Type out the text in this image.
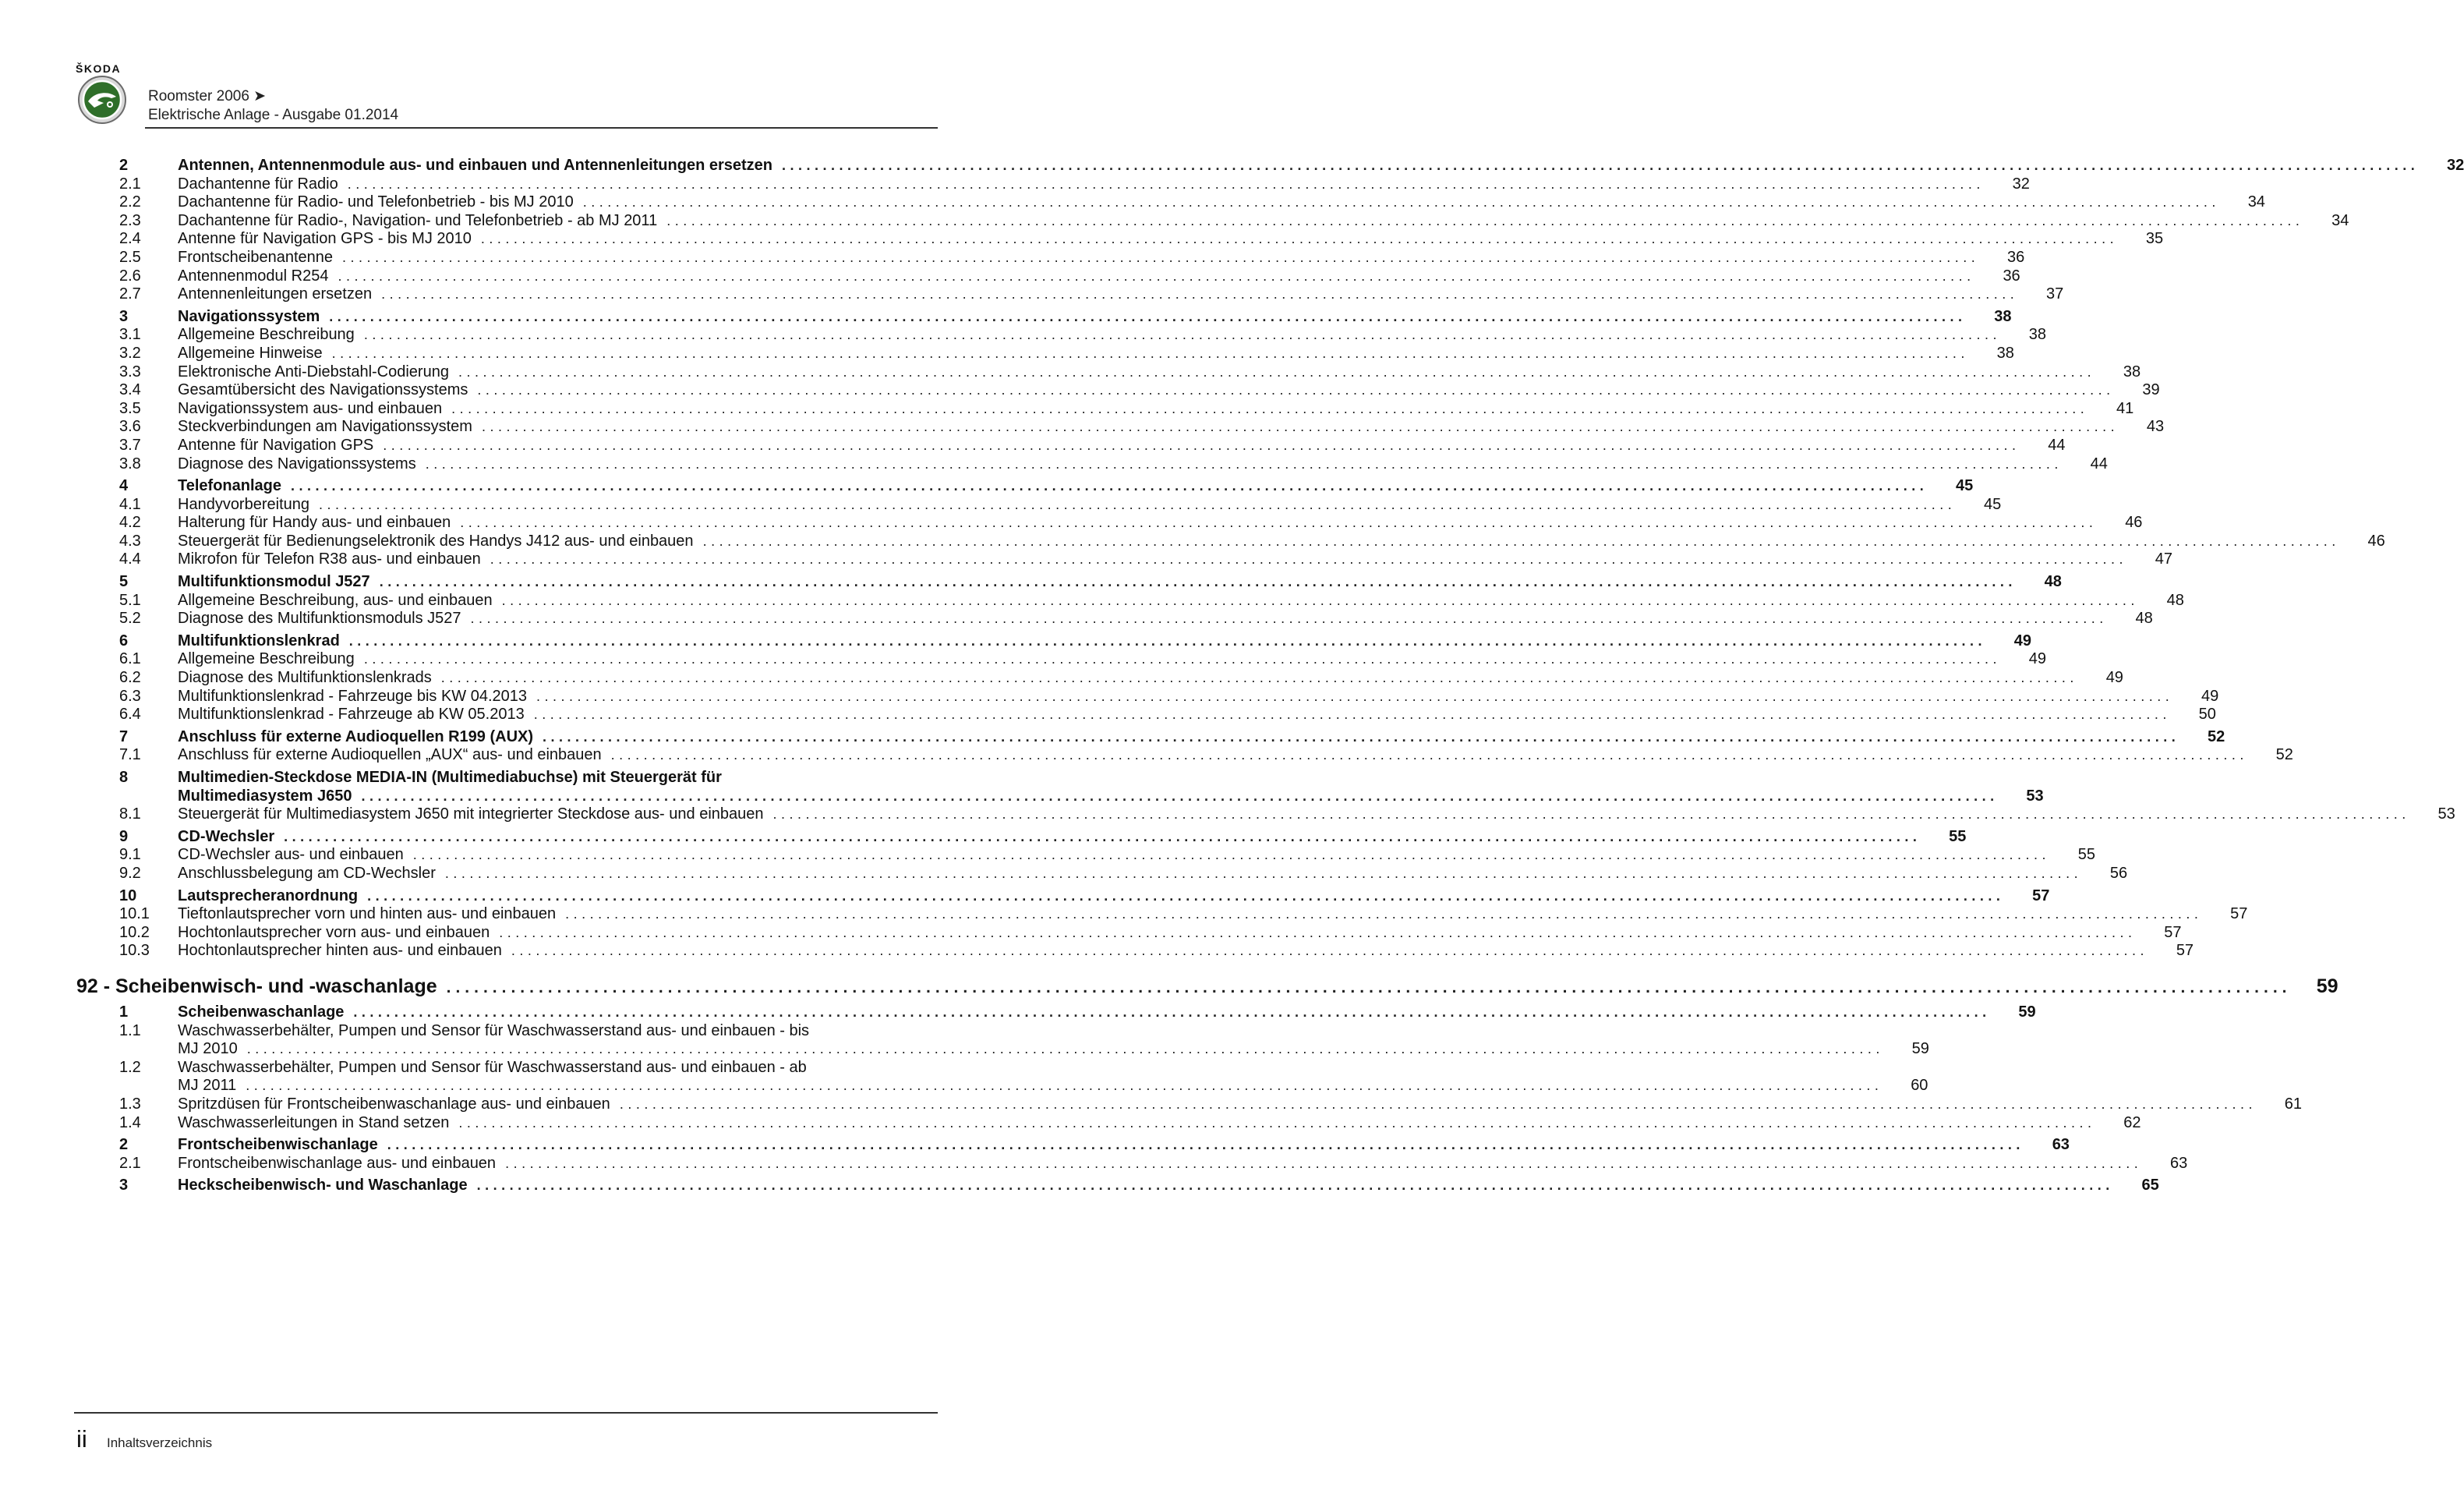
ŠKODA
Roomster 2006 ➤
Elektrische Anlage - Ausgabe 01.2014
2	Antennen, Antennenmodule aus- und einbauen und Antennenleitungen ersetzen ........................................................................................................................................................................................................	32
2.1 Dachantenne für Radio ........................................................................................................................................................................................................	32
2.2 Dachantenne für Radio- und Telefonbetrieb - bis MJ 2010 ........................................................................................................................................................................................................	34
2.3 Dachantenne für Radio-, Navigation- und Telefonbetrieb - ab MJ 2011 ........................................................................................................................................................................................................	34
2.4 Antenne für Navigation GPS - bis MJ 2010 ........................................................................................................................................................................................................	35
2.5 Frontscheibenantenne ........................................................................................................................................................................................................	36
2.6 Antennenmodul R254 ........................................................................................................................................................................................................	36
2.7 Antennenleitungen ersetzen ........................................................................................................................................................................................................	37
3	Navigationssystem ........................................................................................................................................................................................................	38
3.1 Allgemeine Beschreibung ........................................................................................................................................................................................................	38
3.2 Allgemeine Hinweise ........................................................................................................................................................................................................	38
3.3 Elektronische Anti-Diebstahl-Codierung ........................................................................................................................................................................................................	38
3.4 Gesamtübersicht des Navigationssystems ........................................................................................................................................................................................................	39
3.5 Navigationssystem aus- und einbauen ........................................................................................................................................................................................................	41
3.6 Steckverbindungen am Navigationssystem ........................................................................................................................................................................................................	43
3.7 Antenne für Navigation GPS ........................................................................................................................................................................................................	44
3.8 Diagnose des Navigationssystems ........................................................................................................................................................................................................	44
4	Telefonanlage ........................................................................................................................................................................................................	45
4.1 Handyvorbereitung ........................................................................................................................................................................................................	45
4.2 Halterung für Handy aus- und einbauen ........................................................................................................................................................................................................	46
4.3 Steuergerät für Bedienungselektronik des Handys J412 aus- und einbauen ........................................................................................................................................................................................................	46
4.4 Mikrofon für Telefon R38 aus- und einbauen ........................................................................................................................................................................................................	47
5	Multifunktionsmodul J527 ........................................................................................................................................................................................................	48
5.1 Allgemeine Beschreibung, aus- und einbauen ........................................................................................................................................................................................................	48
5.2 Diagnose des Multifunktionsmoduls J527 ........................................................................................................................................................................................................	48
6	Multifunktionslenkrad ........................................................................................................................................................................................................	49
6.1 Allgemeine Beschreibung ........................................................................................................................................................................................................	49
6.2 Diagnose des Multifunktionslenkrads ........................................................................................................................................................................................................	49
6.3 Multifunktionslenkrad - Fahrzeuge bis KW 04.2013 ........................................................................................................................................................................................................	49
6.4 Multifunktionslenkrad - Fahrzeuge ab KW 05.2013 ........................................................................................................................................................................................................	50
7	Anschluss für externe Audioquellen R199 (AUX) ........................................................................................................................................................................................................	52
7.1 Anschluss für externe Audioquellen „AUX“ aus- und einbauen ........................................................................................................................................................................................................	52
8	Multimedien-Steckdose MEDIA-IN (Multimediabuchse) mit Steuergerät für
Multimediasystem J650 ........................................................................................................................................................................................................	53
8.1 Steuergerät für Multimediasystem J650 mit integrierter Steckdose aus- und einbauen ........................................................................................................................................................................................................	53
9	CD-Wechsler ........................................................................................................................................................................................................	55
9.1 CD-Wechsler aus- und einbauen ........................................................................................................................................................................................................	55
9.2 Anschlussbelegung am CD-Wechsler ........................................................................................................................................................................................................	56
10	Lautsprecheranordnung ........................................................................................................................................................................................................	57
10.1 Tieftonlautsprecher vorn und hinten aus- und einbauen ........................................................................................................................................................................................................	57
10.2 Hochtonlautsprecher vorn aus- und einbauen ........................................................................................................................................................................................................	57
10.3 Hochtonlautsprecher hinten aus- und einbauen ........................................................................................................................................................................................................	57
92 - Scheibenwisch- und -waschanlage ........................................................................................................................................................................................................	59
1	Scheibenwaschanlage ........................................................................................................................................................................................................	59
1.1 Waschwasserbehälter, Pumpen und Sensor für Waschwasserstand aus- und einbauen - bis
MJ 2010 ........................................................................................................................................................................................................	59
1.2 Waschwasserbehälter, Pumpen und Sensor für Waschwasserstand aus- und einbauen - ab
MJ 2011 ........................................................................................................................................................................................................	60
1.3 Spritzdüsen für Frontscheibenwaschanlage aus- und einbauen ........................................................................................................................................................................................................	61
1.4 Waschwasserleitungen in Stand setzen ........................................................................................................................................................................................................	62
2	Frontscheibenwischanlage ........................................................................................................................................................................................................	63
2.1 Frontscheibenwischanlage aus- und einbauen ........................................................................................................................................................................................................	63
3	Heckscheibenwisch- und Waschanlage ........................................................................................................................................................................................................	65
ii Inhaltsverzeichnis
